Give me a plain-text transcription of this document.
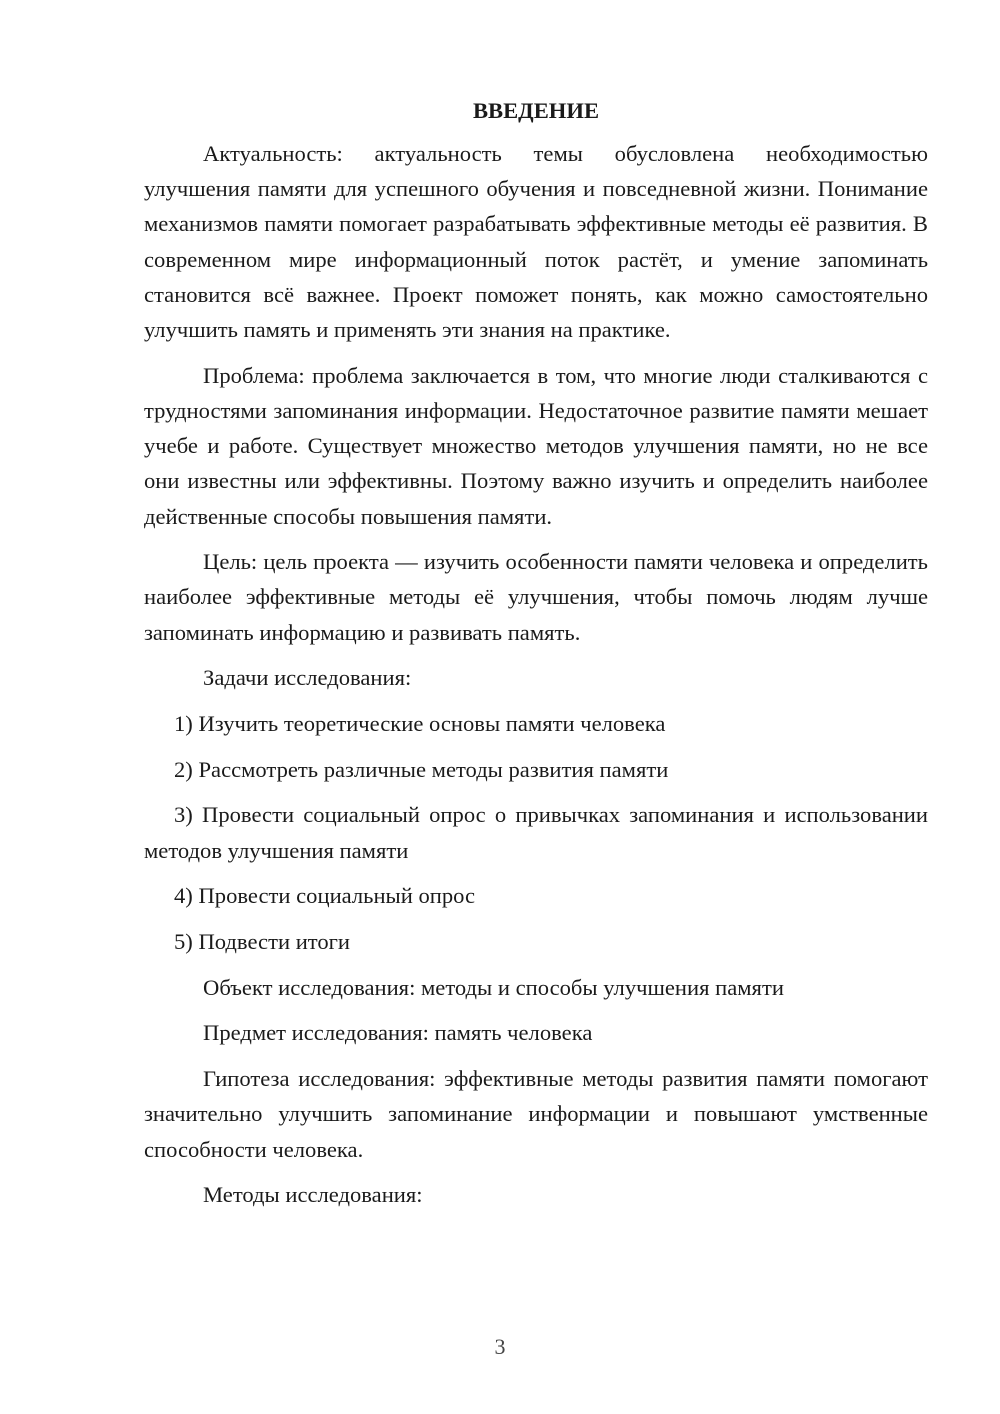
ВВЕДЕНИЕ

Актуальность: актуальность темы обусловлена необходимостью улучшения памяти для успешного обучения и повседневной жизни. Понимание механизмов памяти помогает разрабатывать эффективные методы её развития. В современном мире информационный поток растёт, и умение запоминать становится всё важнее. Проект поможет понять, как можно самостоятельно улучшить память и применять эти знания на практике.

Проблема: проблема заключается в том, что многие люди сталкиваются с трудностями запоминания информации. Недостаточное развитие памяти мешает учебе и работе. Существует множество методов улучшения памяти, но не все они известны или эффективны. Поэтому важно изучить и определить наиболее действенные способы повышения памяти.

Цель: цель проекта — изучить особенности памяти человека и определить наиболее эффективные методы её улучшения, чтобы помочь людям лучше запоминать информацию и развивать память.

Задачи исследования:

1) Изучить теоретические основы памяти человека

2) Рассмотреть различные методы развития памяти

3) Провести социальный опрос о привычках запоминания и использовании методов улучшения памяти

4) Провести социальный опрос

5) Подвести итоги

Объект исследования: методы и способы улучшения памяти

Предмет исследования: память человека

Гипотеза исследования: эффективные методы развития памяти помогают значительно улучшить запоминание информации и повышают умственные способности человека.

Методы исследования:

3
